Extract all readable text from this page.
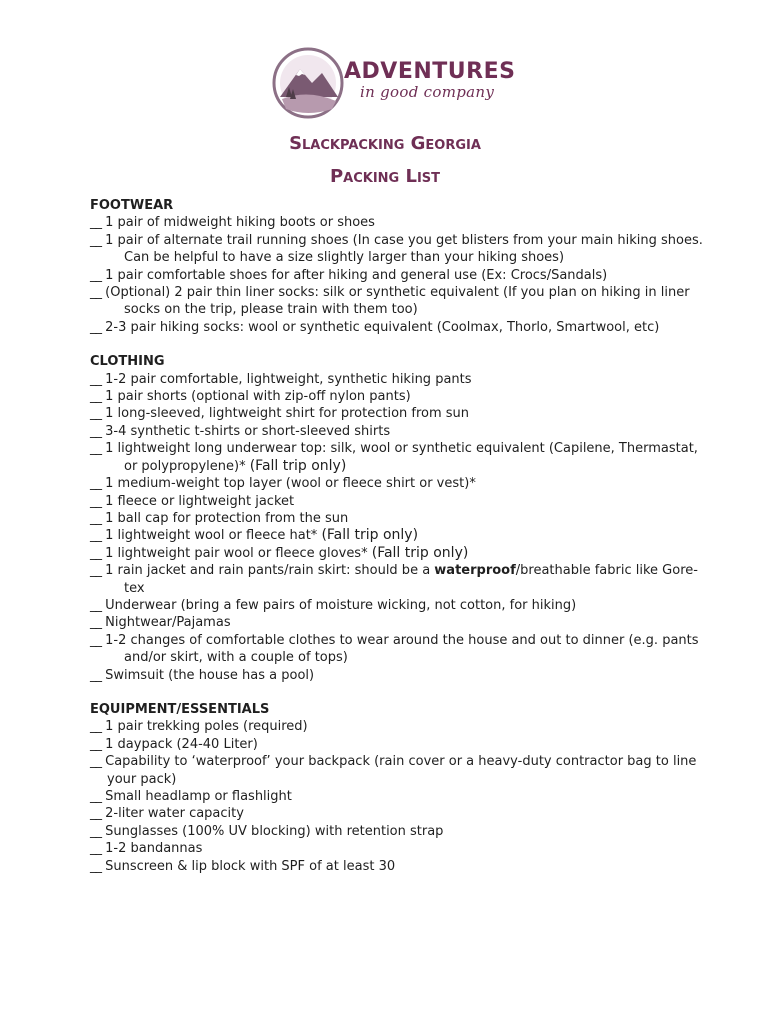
ADVENTURES
in good company
Slackpacking Georgia
Packing List

FOOTWEAR

__ 1 pair of midweight hiking boots or shoes

__ 1 pair of alternate trail running shoes (In case you get blisters from your main hiking shoes. Can be helpful to have a size slightly larger than your hiking shoes)

__ 1 pair comfortable shoes for after hiking and general use (Ex: Crocs/Sandals)

__ (Optional) 2 pair thin liner socks: silk or synthetic equivalent (If you plan on hiking in liner socks on the trip, please train with them too)

__ 2-3 pair hiking socks: wool or synthetic equivalent (Coolmax, Thorlo, Smartwool, etc)

CLOTHING

__ 1-2 pair comfortable, lightweight, synthetic hiking pants

__ 1 pair shorts (optional with zip-off nylon pants)

__ 1 long-sleeved, lightweight shirt for protection from sun

__ 3-4 synthetic t-shirts or short-sleeved shirts

__ 1 lightweight long underwear top: silk, wool or synthetic equivalent (Capilene, Thermastat, or polypropylene)* (Fall trip only)

__ 1 medium-weight top layer (wool or fleece shirt or vest)*

__ 1 fleece or lightweight jacket

__ 1 ball cap for protection from the sun

__ 1 lightweight wool or fleece hat* (Fall trip only)

__ 1 lightweight pair wool or fleece gloves* (Fall trip only)

__ 1 rain jacket and rain pants/rain skirt: should be a waterproof/breathable fabric like Gore-tex

__ Underwear (bring a few pairs of moisture wicking, not cotton, for hiking)

__ Nightwear/Pajamas

__ 1-2 changes of comfortable clothes to wear around the house and out to dinner (e.g. pants and/or skirt, with a couple of tops)

__ Swimsuit (the house has a pool)

EQUIPMENT/ESSENTIALS

__ 1 pair trekking poles (required)

__ 1 daypack (24-40 Liter)

__ Capability to ‘waterproof’ your backpack (rain cover or a heavy-duty contractor bag to line your pack)

__ Small headlamp or flashlight

__ 2-liter water capacity

__ Sunglasses (100% UV blocking) with retention strap

__ 1-2 bandannas

__ Sunscreen & lip block with SPF of at least 30
